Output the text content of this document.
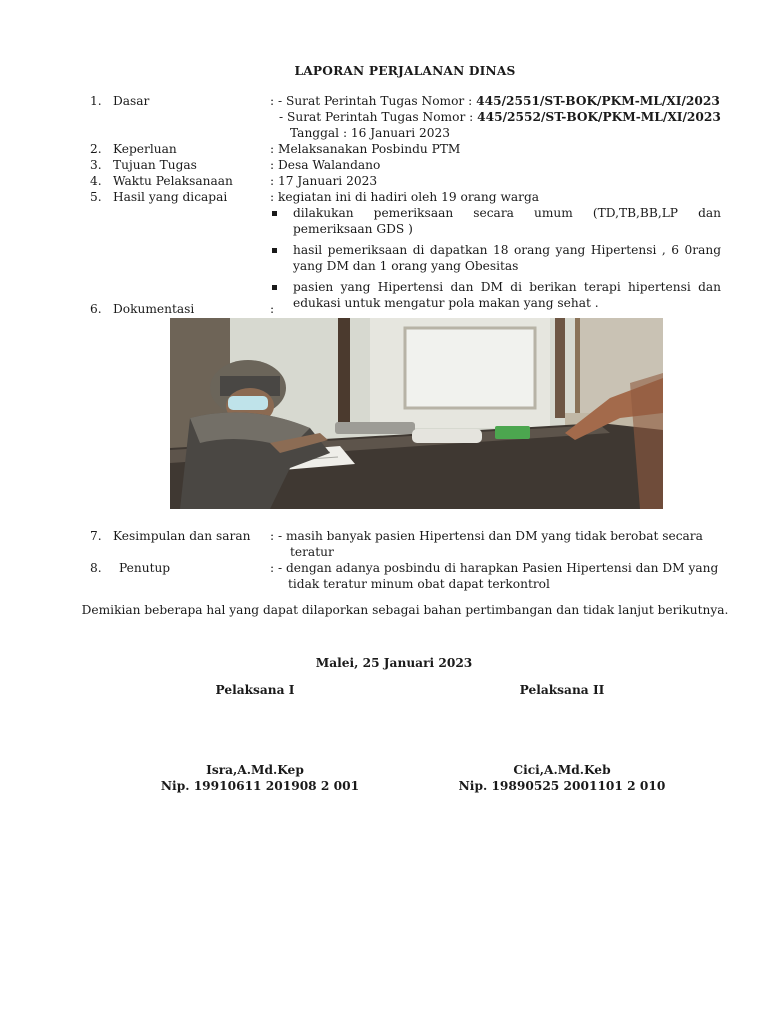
LAPORAN PERJALANAN DINAS
1. Dasar	: - Surat Perintah Tugas Nomor : 445/2551/ST-BOK/PKM-ML/XI/2023
- Surat Perintah Tugas Nomor : 445/2552/ST-BOK/PKM-ML/XI/2023
Tanggal : 16 Januari 2023
2. Keperluan	: Melaksanakan Posbindu PTM
3. Tujuan Tugas	: Desa Walandano
4. Waktu Pelaksanaan	: 17 Januari 2023
5. Hasil yang dicapai	: kegiatan ini di hadiri oleh 19 orang warga
dilakukan pemeriksaan secara umum (TD,TB,BB,LP dan pemeriksaan GDS )
hasil pemeriksaan di dapatkan 18 orang yang Hipertensi , 6 0rang yang DM dan 1 orang yang Obesitas
pasien yang Hipertensi dan DM di berikan terapi hipertensi dan edukasi untuk mengatur pola makan yang sehat .
6. Dokumentasi	:
7. Kesimpulan dan saran : - masih banyak pasien Hipertensi dan DM yang tidak berobat secara
teratur
8. Penutup	: - dengan adanya posbindu di harapkan Pasien Hipertensi dan DM yang
tidak teratur minum obat dapat terkontrol
Demikian beberapa hal yang dapat dilaporkan sebagai bahan pertimbangan dan tidak lanjut berikutnya.
Malei, 25 Januari 2023
Pelaksana I
Isra,A.Md.Kep
Nip. 19910611 201908 2 001
Pelaksana II
Cici,A.Md.Keb
Nip. 19890525 2001101 2 010
